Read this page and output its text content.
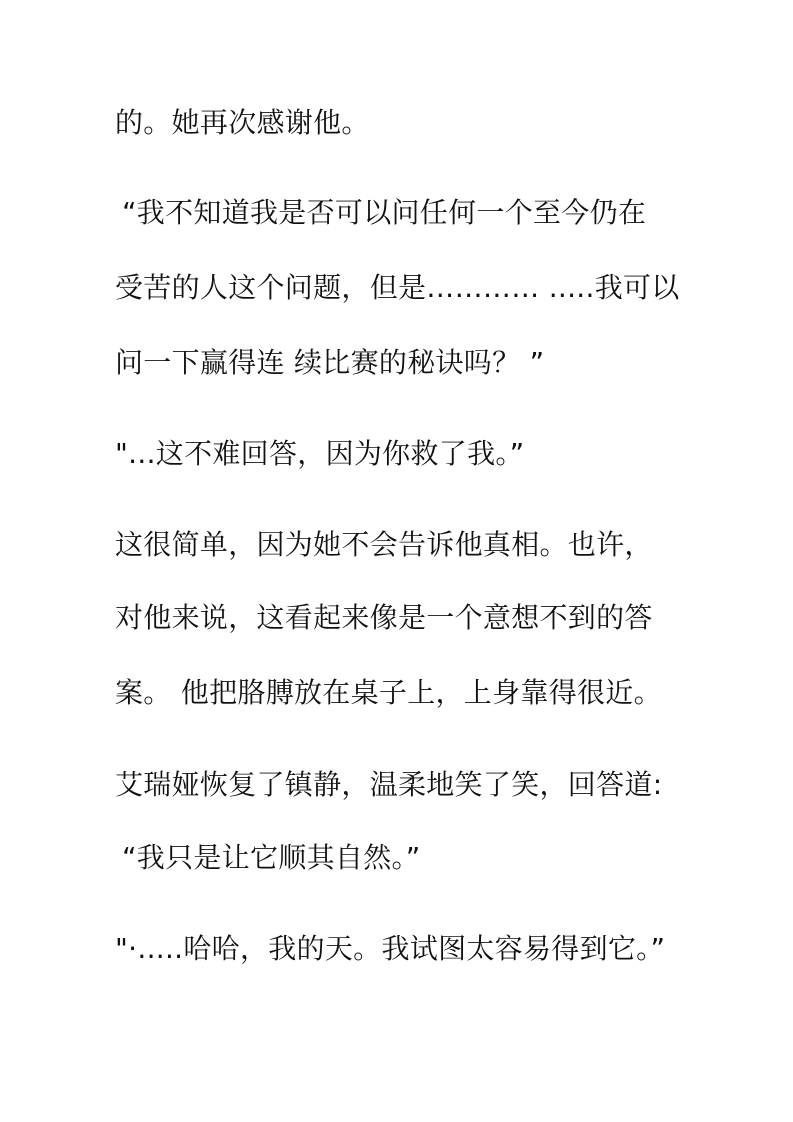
的。她再次感谢他。
“我不知道我是否可以问任何一个至今仍在
受苦的人这个问题，但是………… .....我可以
问一下赢得连 续比赛的秘诀吗？ ”
"...这不难回答，因为你救了我。”
这很简单，因为她不会告诉他真相。也许，
对他来说，这看起来像是一个意想不到的答
案。 他把胳膊放在桌子上，上身靠得很近。
艾瑞娅恢复了镇静，温柔地笑了笑，回答道:
“我只是让它顺其自然。”
"·.....哈哈，我的天。我试图太容易得到它。”
